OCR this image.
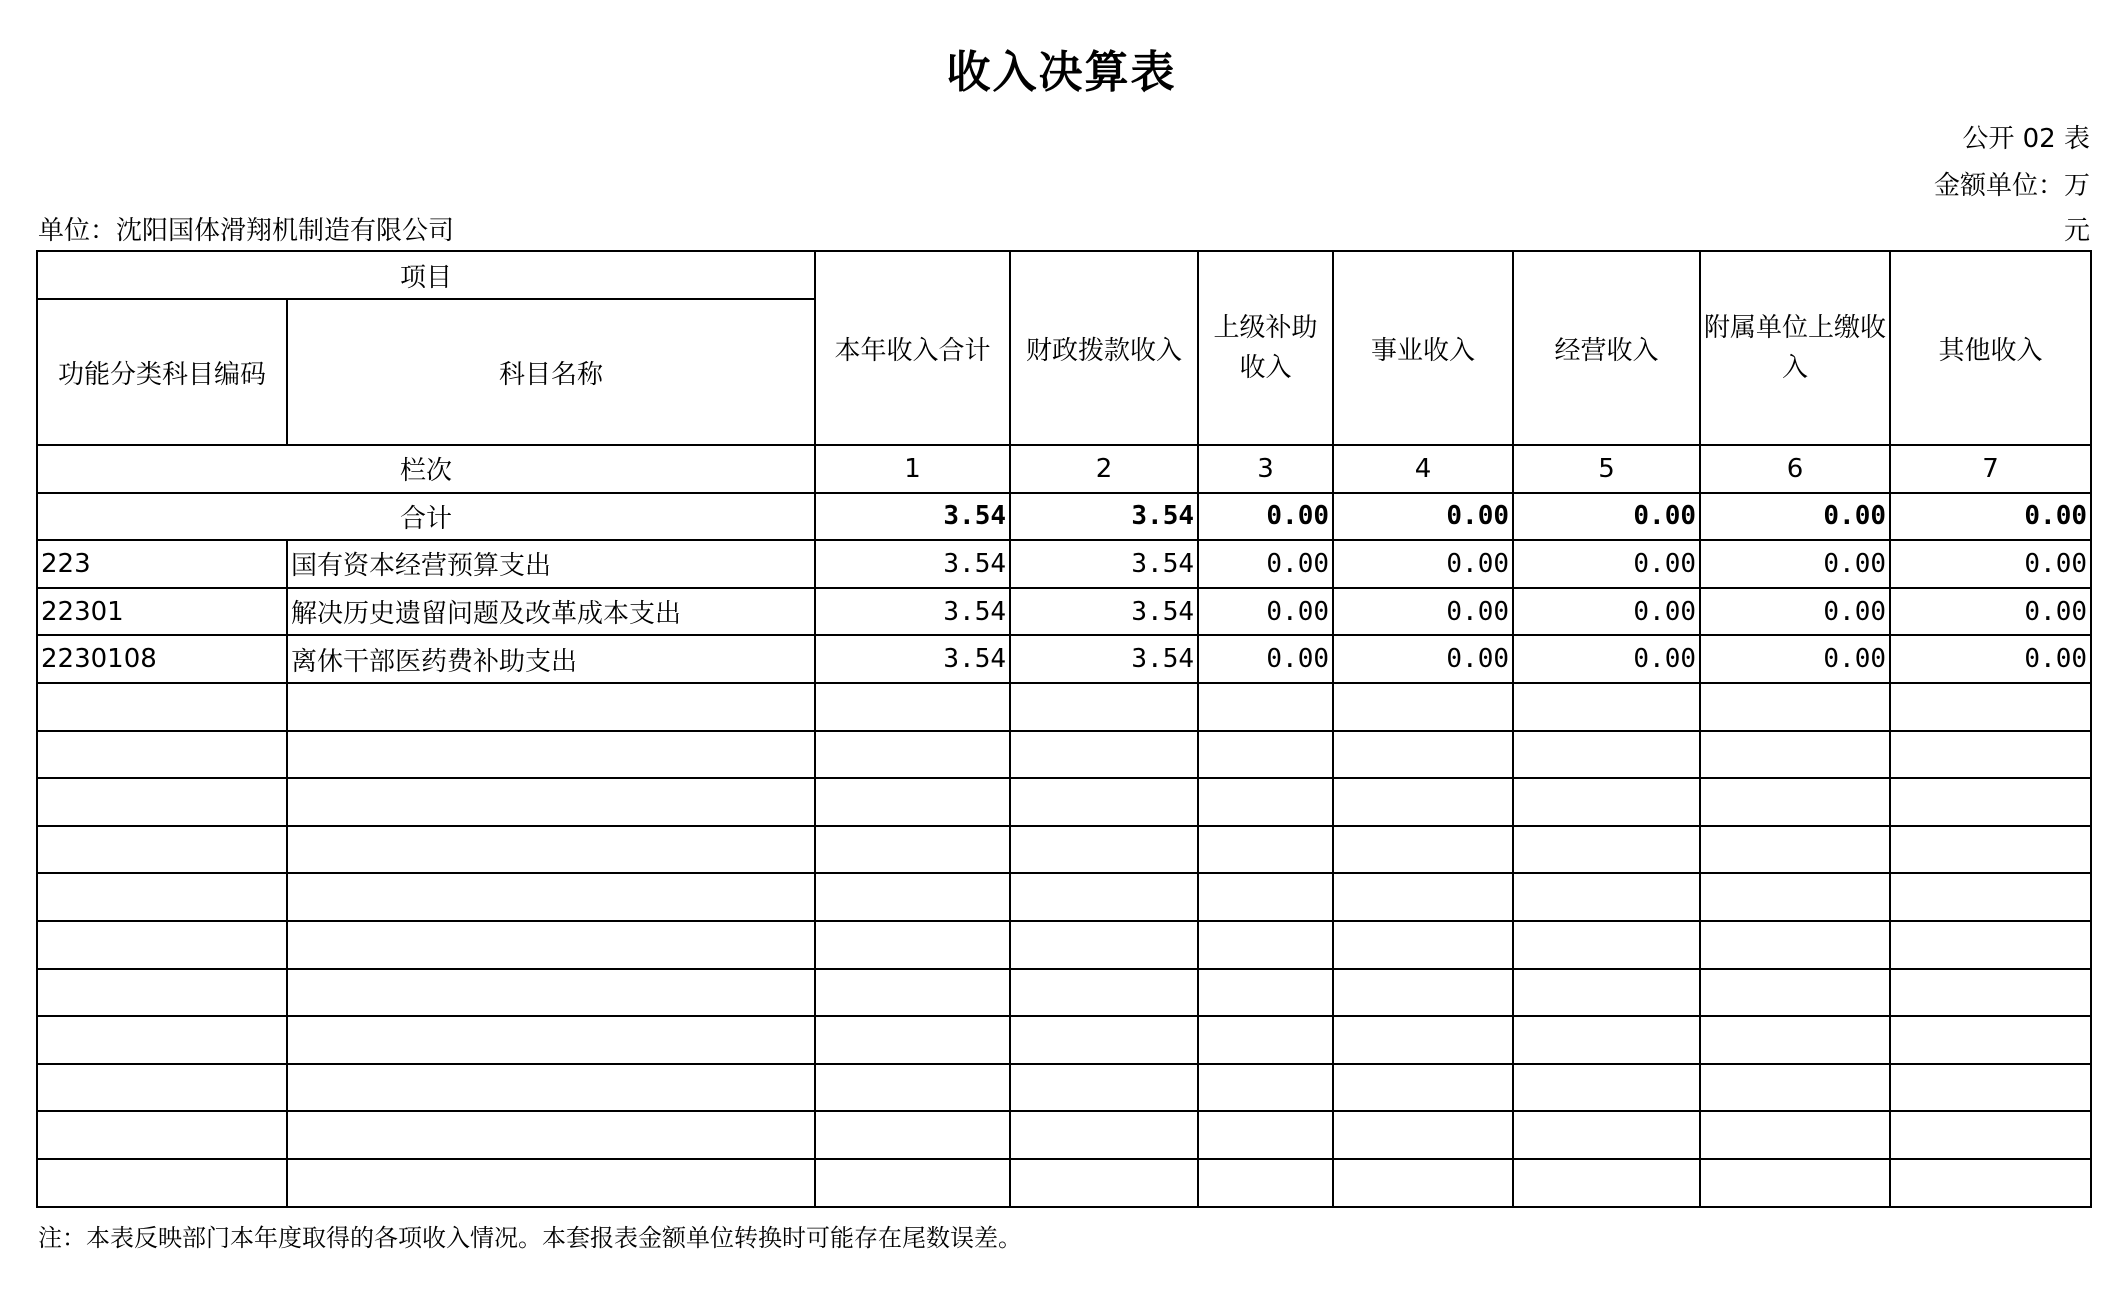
收入决算表
公开 02 表
金额单位：万
元
单位：沈阳国体滑翔机制造有限公司
项目		本年收入合计	财政拨款收入	上级补助收入	事业收入	经营收入	附属单位上缴收入	其他收入
功能分类科目编码	科目名称							
栏次		1	2	3	4	5	6	7
合计		3.54	3.54	0.00	0.00	0.00	0.00	0.00
223	国有资本经营预算支出	3.54	3.54	0.00	0.00	0.00	0.00	0.00
22301	解决历史遗留问题及改革成本支出	3.54	3.54	0.00	0.00	0.00	0.00	0.00
2230108	离休干部医药费补助支出	3.54	3.54	0.00	0.00	0.00	0.00	0.00

注：本表反映部门本年度取得的各项收入情况。本套报表金额单位转换时可能存在尾数误差。
